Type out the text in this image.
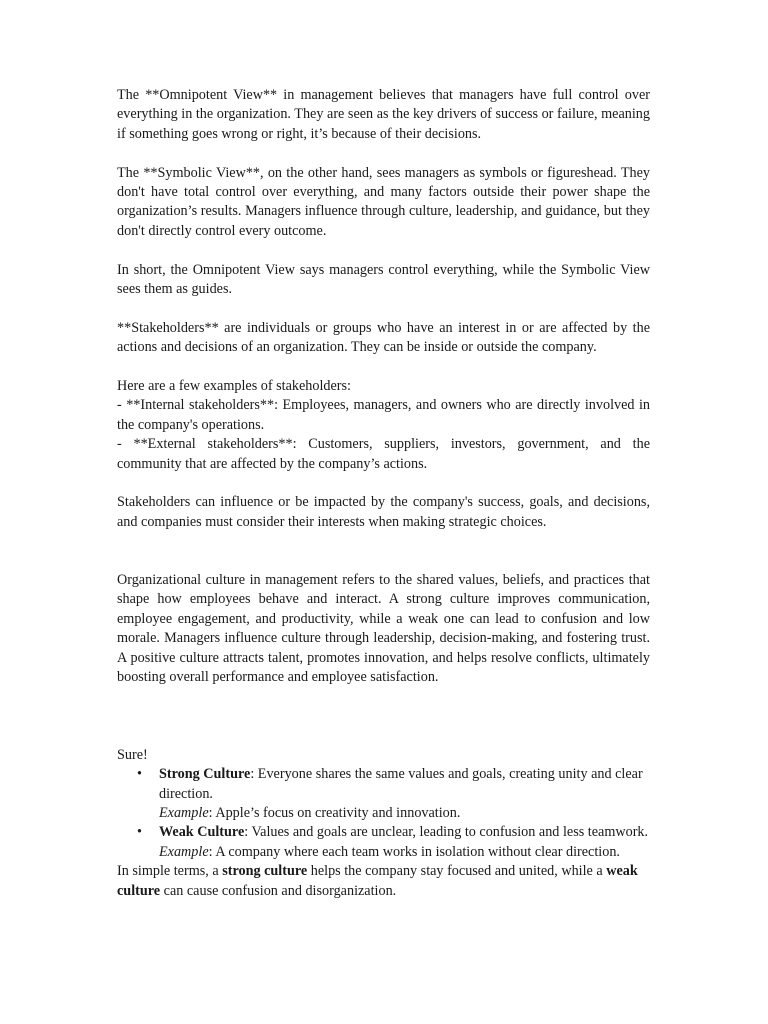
The **Omnipotent View** in management believes that managers have full control over everything in the organization. They are seen as the key drivers of success or failure, meaning if something goes wrong or right, it’s because of their decisions.

The **Symbolic View**, on the other hand, sees managers as symbols or figureshead. They don't have total control over everything, and many factors outside their power shape the organization’s results. Managers influence through culture, leadership, and guidance, but they don't directly control every outcome.

In short, the Omnipotent View says managers control everything, while the Symbolic View sees them as guides.

**Stakeholders** are individuals or groups who have an interest in or are affected by the actions and decisions of an organization. They can be inside or outside the company.

Here are a few examples of stakeholders:

- **Internal stakeholders**: Employees, managers, and owners who are directly involved in the company's operations.

- **External stakeholders**: Customers, suppliers, investors, government, and the community that are affected by the company’s actions.

Stakeholders can influence or be impacted by the company's success, goals, and decisions, and companies must consider their interests when making strategic choices.

Organizational culture in management refers to the shared values, beliefs, and practices that shape how employees behave and interact. A strong culture improves communication, employee engagement, and productivity, while a weak one can lead to confusion and low morale. Managers influence culture through leadership, decision-making, and fostering trust. A positive culture attracts talent, promotes innovation, and helps resolve conflicts, ultimately boosting overall performance and employee satisfaction.

Sure!

• Strong Culture: Everyone shares the same values and goals, creating unity and clear direction.
Example: Apple’s focus on creativity and innovation.
• Weak Culture: Values and goals are unclear, leading to confusion and less teamwork.
Example: A company where each team works in isolation without clear direction.

In simple terms, a strong culture helps the company stay focused and united, while a weak culture can cause confusion and disorganization.
